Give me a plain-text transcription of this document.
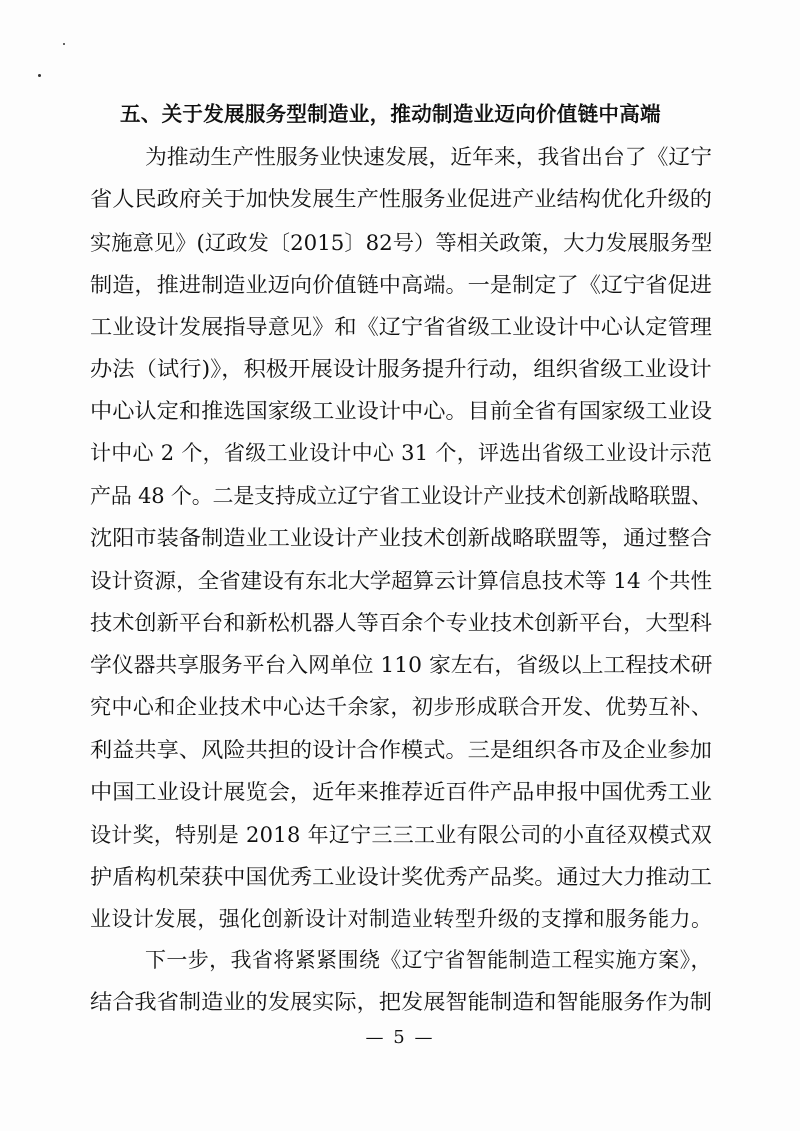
五、关于发展服务型制造业，推动制造业迈向价值链中高端
为推动生产性服务业快速发展，近年来，我省出台了《辽宁
省人民政府关于加快发展生产性服务业促进产业结构优化升级的
实施意见》(辽政发〔2015〕82号）等相关政策，大力发展服务型
制造，推进制造业迈向价值链中高端。一是制定了《辽宁省促进
工业设计发展指导意见》和《辽宁省省级工业设计中心认定管理
办法（试行)》，积极开展设计服务提升行动，组织省级工业设计
中心认定和推选国家级工业设计中心。目前全省有国家级工业设
计中心 2 个，省级工业设计中心 31 个，评选出省级工业设计示范
产品 48 个。二是支持成立辽宁省工业设计产业技术创新战略联盟、
沈阳市装备制造业工业设计产业技术创新战略联盟等，通过整合
设计资源，全省建设有东北大学超算云计算信息技术等 14 个共性
技术创新平台和新松机器人等百余个专业技术创新平台，大型科
学仪器共享服务平台入网单位 110 家左右，省级以上工程技术研
究中心和企业技术中心达千余家，初步形成联合开发、优势互补、
利益共享、风险共担的设计合作模式。三是组织各市及企业参加
中国工业设计展览会，近年来推荐近百件产品申报中国优秀工业
设计奖，特别是 2018 年辽宁三三工业有限公司的小直径双模式双
护盾构机荣获中国优秀工业设计奖优秀产品奖。通过大力推动工
业设计发展，强化创新设计对制造业转型升级的支撑和服务能力。
下一步，我省将紧紧围绕《辽宁省智能制造工程实施方案》，
结合我省制造业的发展实际，把发展智能制造和智能服务作为制
— 5 —
